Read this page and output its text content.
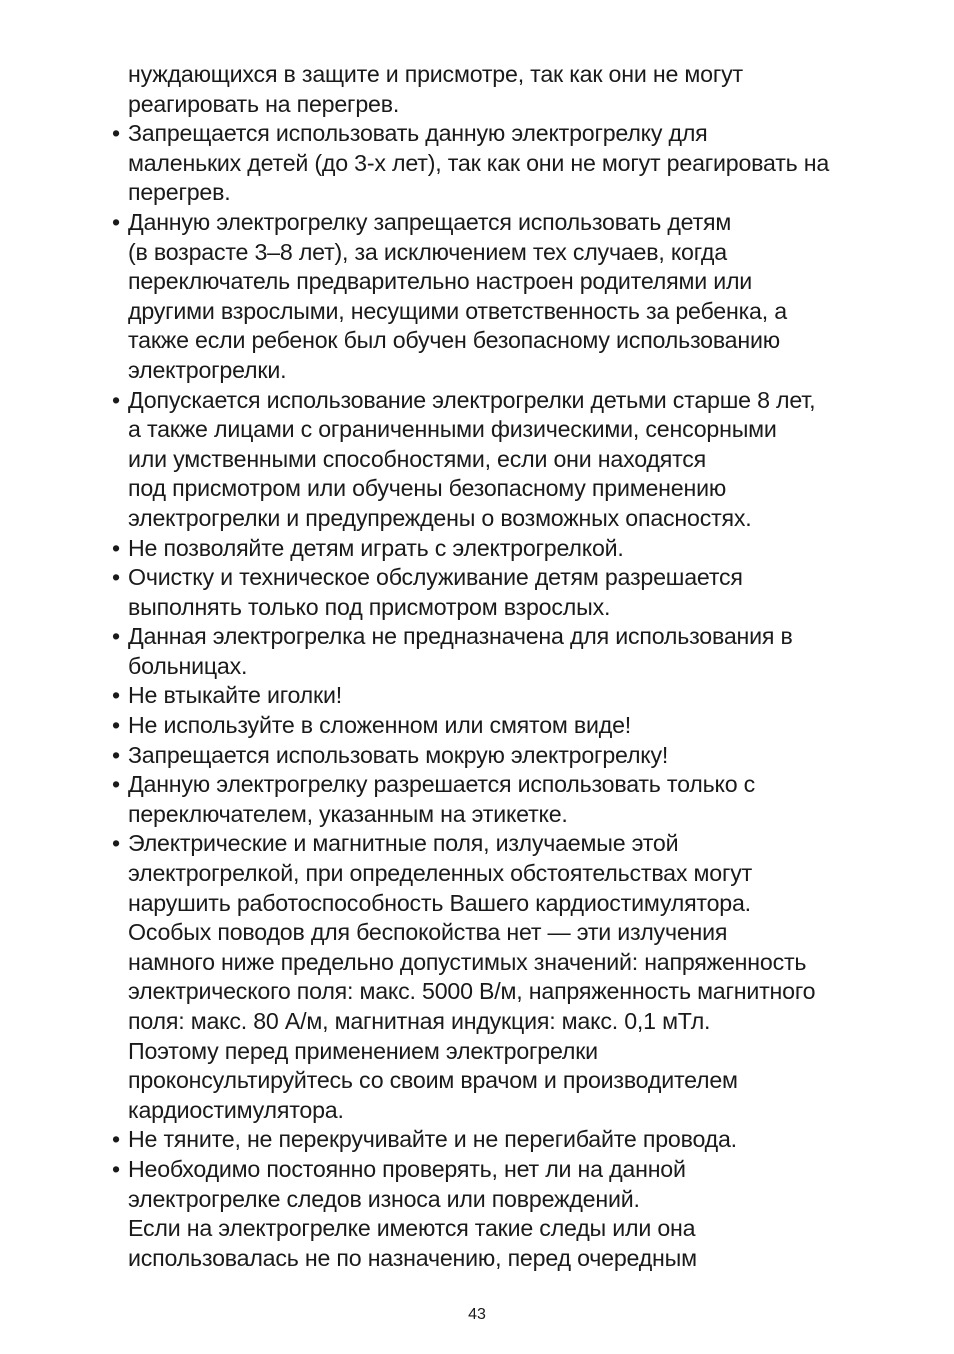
нуждающихся в защите и присмотре, так как они не могут
реагировать на перегрев.
• Запрещается использовать данную электрогрелку для
маленьких детей (до 3-х лет), так как они не могут реагировать на
перегрев.
• Данную электрогрелку запрещается использовать детям
(в возрасте 3–8 лет), за исключением тех случаев, когда
переключатель предварительно настроен родителями или
другими взрослыми, несущими ответственность за ребенка, а
также если ребенок был обучен безопасному использованию
электрогрелки.
• Допускается использование электрогрелки детьми старше 8 лет,
а также лицами с ограниченными физическими, сенсорными
или умственными способностями, если они находятся
под присмотром или обучены безопасному применению
электрогрелки и предупреждены о возможных опасностях.
• Не позволяйте детям играть с электрогрелкой.
• Очистку и техническое обслуживание детям разрешается
выполнять только под присмотром взрослых.
• Данная электрогрелка не предназначена для использования в
больницах.
• Не втыкайте иголки!
• Не используйте в сложенном или смятом виде!
• Запрещается использовать мокрую электрогрелку!
• Данную электрогрелку разрешается использовать только с
переключателем, указанным на этикетке.
• Электрические и магнитные поля, излучаемые этой
электрогрелкой, при определенных обстоятельствах могут
нарушить работоспособность Вашего кардиостимулятора.
Особых поводов для беспокойства нет — эти излучения
намного ниже предельно допустимых значений: напряженность
электрического поля: макс. 5000 В/м, напряженность магнитного
поля: макс. 80 А/м, магнитная индукция: макс. 0,1 мТл.
Поэтому перед применением электрогрелки
проконсультируйтесь со своим врачом и производителем
кардиостимулятора.
• Не тяните, не перекручивайте и не перегибайте провода.
• Необходимо постоянно проверять, нет ли на данной
электрогрелке следов износа или повреждений.
Если на электрогрелке имеются такие следы или она
использовалась не по назначению, перед очередным
43
